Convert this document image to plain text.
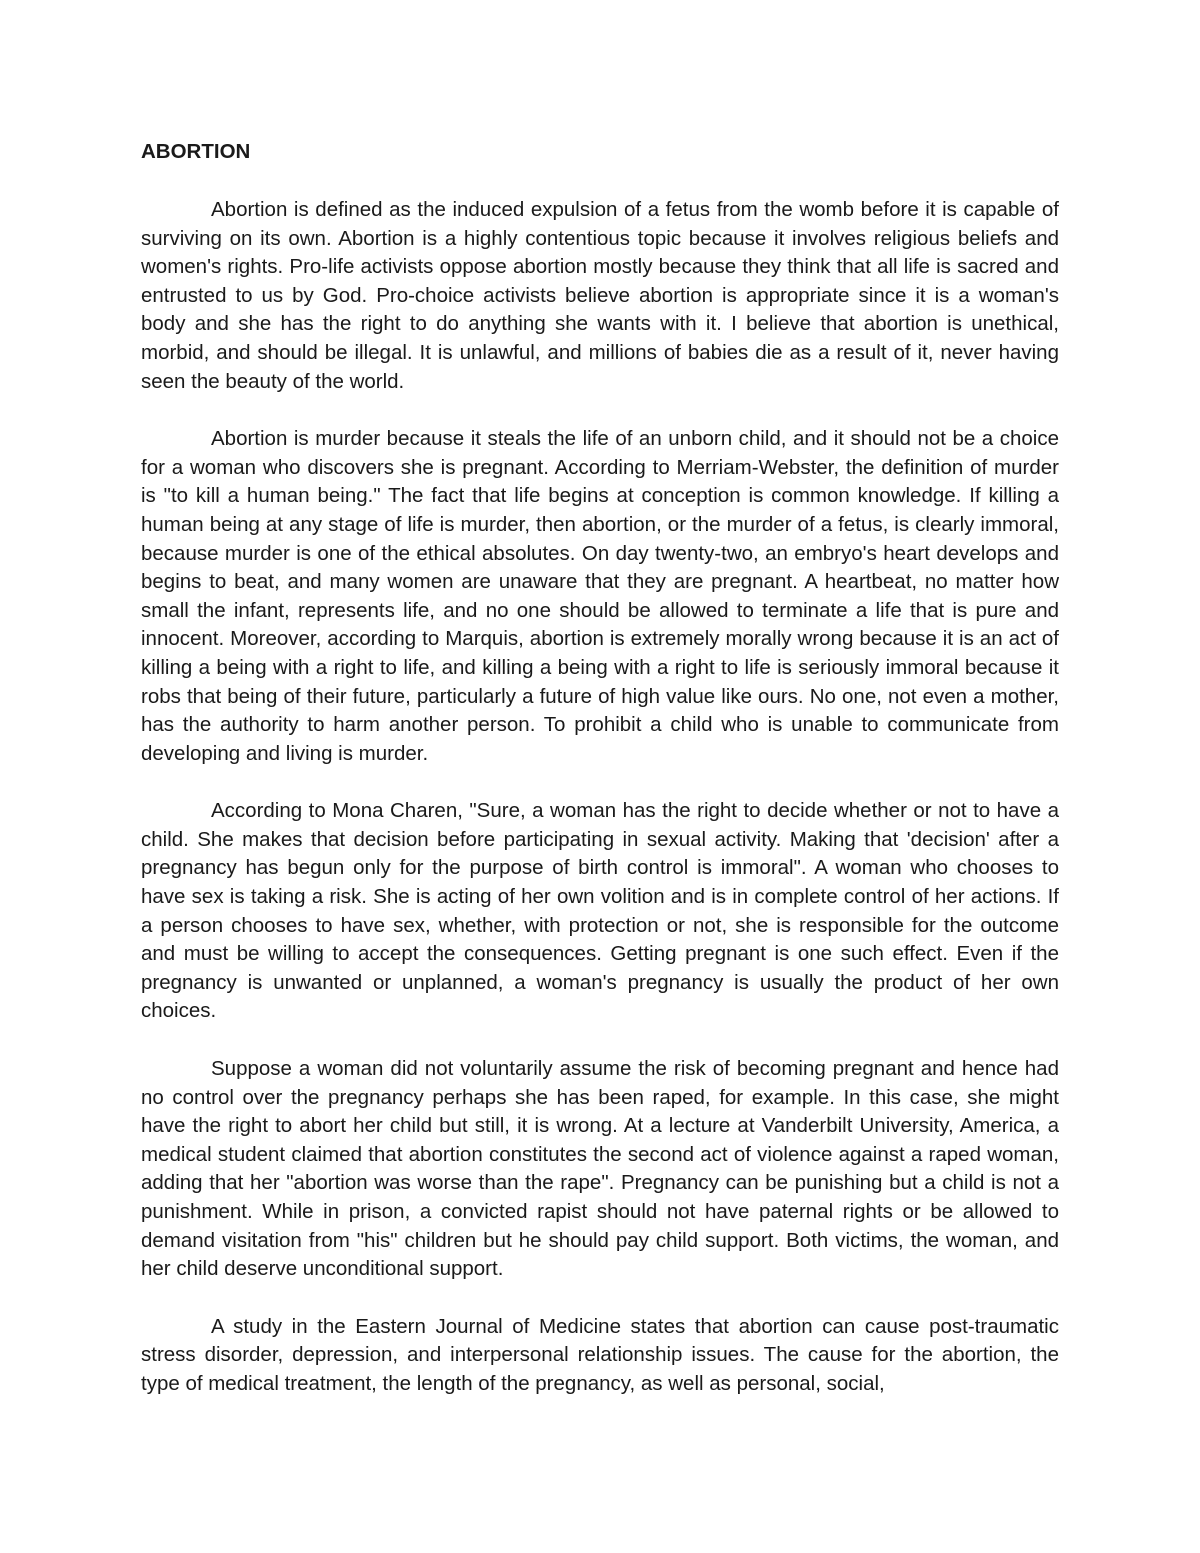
ABORTION

Abortion is defined as the induced expulsion of a fetus from the womb before it is capable of surviving on its own. Abortion is a highly contentious topic because it involves religious beliefs and women's rights. Pro-life activists oppose abortion mostly because they think that all life is sacred and entrusted to us by God. Pro-choice activists believe abortion is appropriate since it is a woman's body and she has the right to do anything she wants with it. I believe that abortion is unethical, morbid, and should be illegal. It is unlawful, and millions of babies die as a result of it, never having seen the beauty of the world.

Abortion is murder because it steals the life of an unborn child, and it should not be a choice for a woman who discovers she is pregnant. According to Merriam-Webster, the definition of murder is "to kill a human being." The fact that life begins at conception is common knowledge. If killing a human being at any stage of life is murder, then abortion, or the murder of a fetus, is clearly immoral, because murder is one of the ethical absolutes. On day twenty-two, an embryo's heart develops and begins to beat, and many women are unaware that they are pregnant. A heartbeat, no matter how small the infant, represents life, and no one should be allowed to terminate a life that is pure and innocent. Moreover, according to Marquis, abortion is extremely morally wrong because it is an act of killing a being with a right to life, and killing a being with a right to life is seriously immoral because it robs that being of their future, particularly a future of high value like ours. No one, not even a mother, has the authority to harm another person. To prohibit a child who is unable to communicate from developing and living is murder.

According to Mona Charen, "Sure, a woman has the right to decide whether or not to have a child. She makes that decision before participating in sexual activity. Making that 'decision' after a pregnancy has begun only for the purpose of birth control is immoral". A woman who chooses to have sex is taking a risk. She is acting of her own volition and is in complete control of her actions. If a person chooses to have sex, whether, with protection or not, she is responsible for the outcome and must be willing to accept the consequences. Getting pregnant is one such effect. Even if the pregnancy is unwanted or unplanned, a woman's pregnancy is usually the product of her own choices.

Suppose a woman did not voluntarily assume the risk of becoming pregnant and hence had no control over the pregnancy perhaps she has been raped, for example. In this case, she might have the right to abort her child but still, it is wrong. At a lecture at Vanderbilt University, America, a medical student claimed that abortion constitutes the second act of violence against a raped woman, adding that her "abortion was worse than the rape". Pregnancy can be punishing but a child is not a punishment. While in prison, a convicted rapist should not have paternal rights or be allowed to demand visitation from "his" children but he should pay child support. Both victims, the woman, and her child deserve unconditional support.

A study in the Eastern Journal of Medicine states that abortion can cause post-traumatic stress disorder, depression, and interpersonal relationship issues. The cause for the abortion, the type of medical treatment, the length of the pregnancy, as well as personal, social,
